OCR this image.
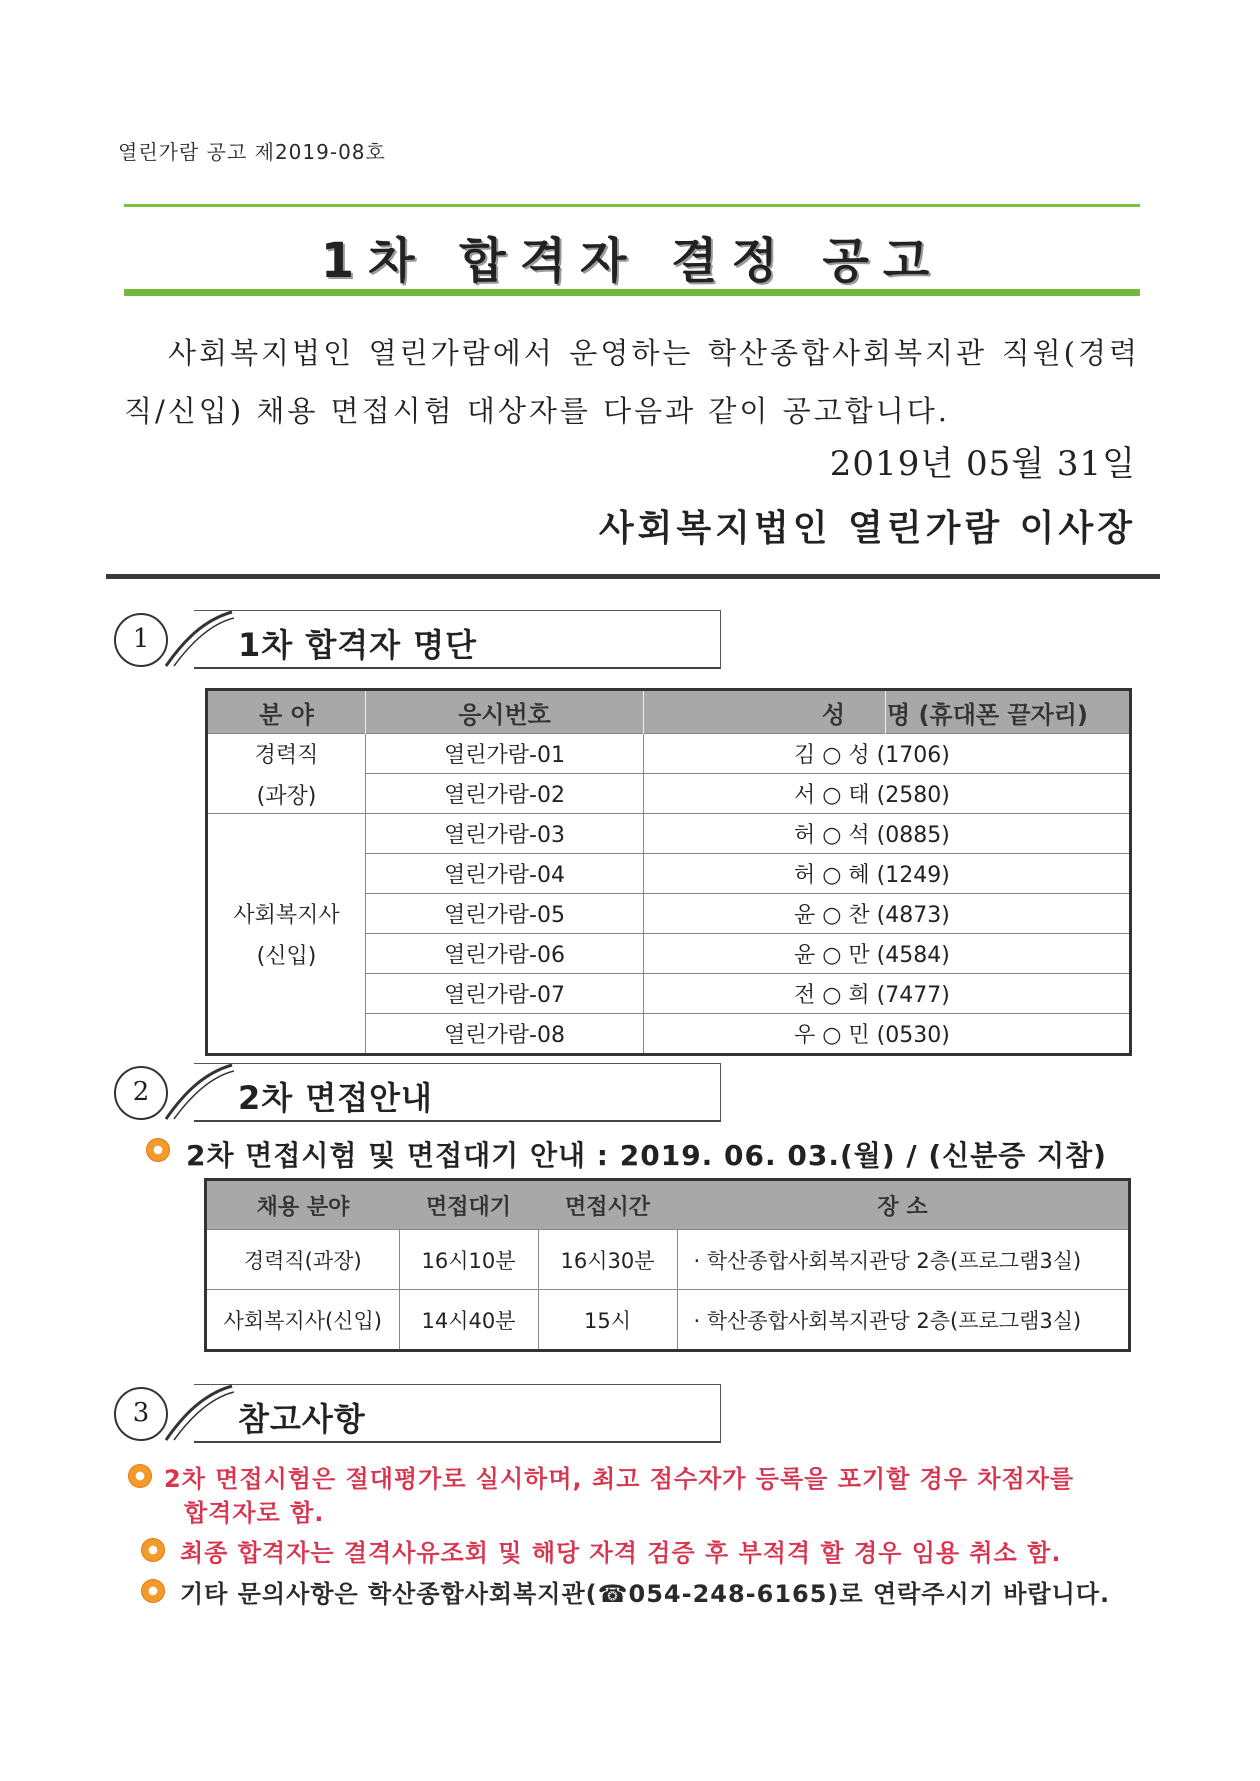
열린가람 공고 제2019-08호
1차 합격자 결정 공고
사회복지법인 열린가람에서 운영하는 학산종합사회복지관 직원(경력직/신입) 채용 면접시험 대상자를 다음과 같이 공고합니다.
2019년 05월 31일
사회복지법인 열린가람 이사장
1	1차 합격자 명단
분 야	응시번호	성	명 (휴대폰 끝자리)

경력직
(과장)	열린가람-01	김 ○ 성 (1706)	
	열린가람-02	서 ○ 태 (2580)	

사회복지사
(신입)	열린가람-03	허 ○ 석 (0885)	
	열린가람-04	허 ○ 혜 (1249)	
	열린가람-05	윤 ○ 찬 (4873)	
	열린가람-06	윤 ○ 만 (4584)	
	열린가람-07	전 ○ 희 (7477)	
	열린가람-08	우 ○ 민 (0530)	
2	2차 면접안내
2차 면접시험 및 면접대기 안내 : 2019. 06. 03.(월) / (신분증 지참)
채용 분야	면접대기	면접시간	장 소
경력직(과장)	16시10분	16시30분	· 학산종합사회복지관당 2층(프로그램3실)
사회복지사(신입)	14시40분	15시	· 학산종합사회복지관당 2층(프로그램3실)
3	참고사항
2차 면접시험은 절대평가로 실시하며, 최고 점수자가 등록을 포기할 경우 차점자를
합격자로 함.
최종 합격자는 결격사유조회 및 해당 자격 검증 후 부적격 할 경우 임용 취소 함.
기타 문의사항은 학산종합사회복지관(☎054-248-6165)로 연락주시기 바랍니다.
